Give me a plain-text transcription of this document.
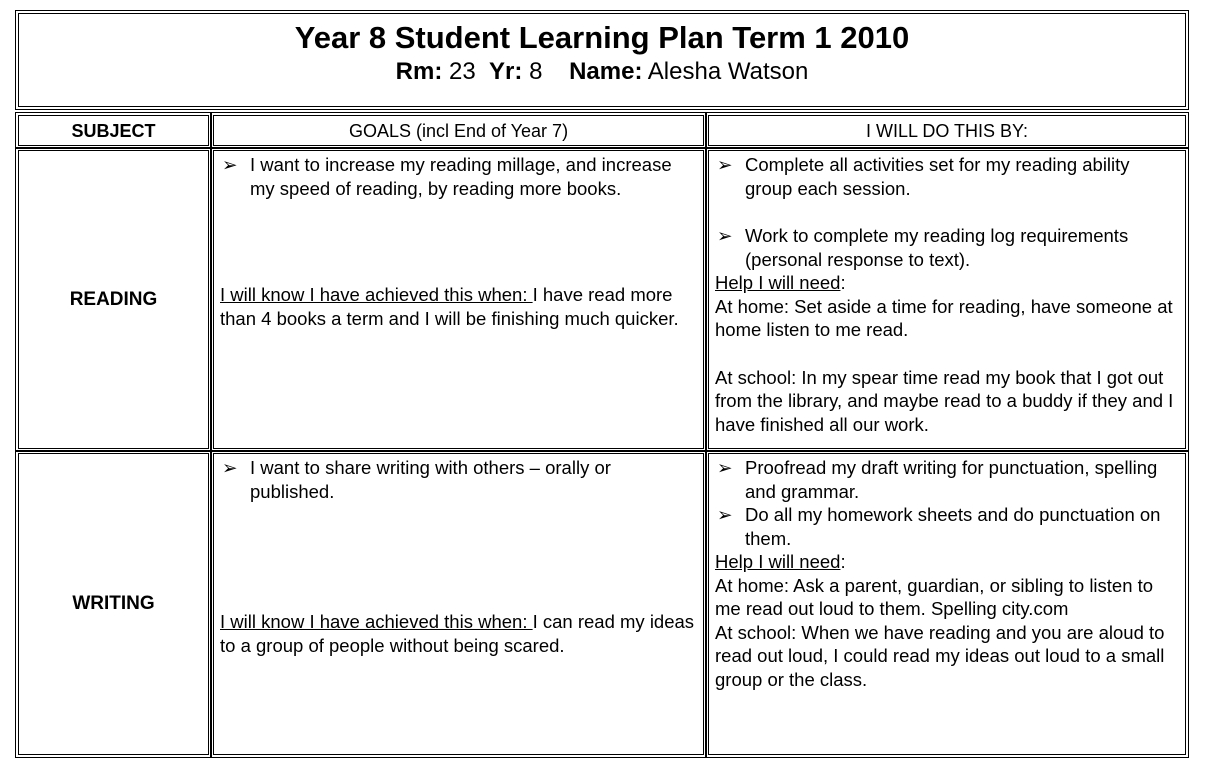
Year 8 Student Learning Plan Term 1 2010
Rm: 23 Yr: 8 Name: Alesha Watson
SUBJECT	GOALS (incl End of Year 7)	I WILL DO THIS BY:
READING
➢ I want to increase my reading millage, and increase my speed of reading, by reading more books.
I will know I have achieved this when: I have read more than 4 books a term and I will be finishing much quicker.
➢ Complete all activities set for my reading ability group each session.
➢ Work to complete my reading log requirements (personal response to text).
Help I will need:
At home: Set aside a time for reading, have someone at home listen to me read.
At school: In my spear time read my book that I got out from the library, and maybe read to a buddy if they and I have finished all our work.
WRITING
➢ I want to share writing with others – orally or published.
I will know I have achieved this when: I can read my ideas to a group of people without being scared.
➢ Proofread my draft writing for punctuation, spelling and grammar.
➢ Do all my homework sheets and do punctuation on them.
Help I will need:
At home: Ask a parent, guardian, or sibling to listen to me read out loud to them. Spelling city.com
At school: When we have reading and you are aloud to read out loud, I could read my ideas out loud to a small group or the class.
